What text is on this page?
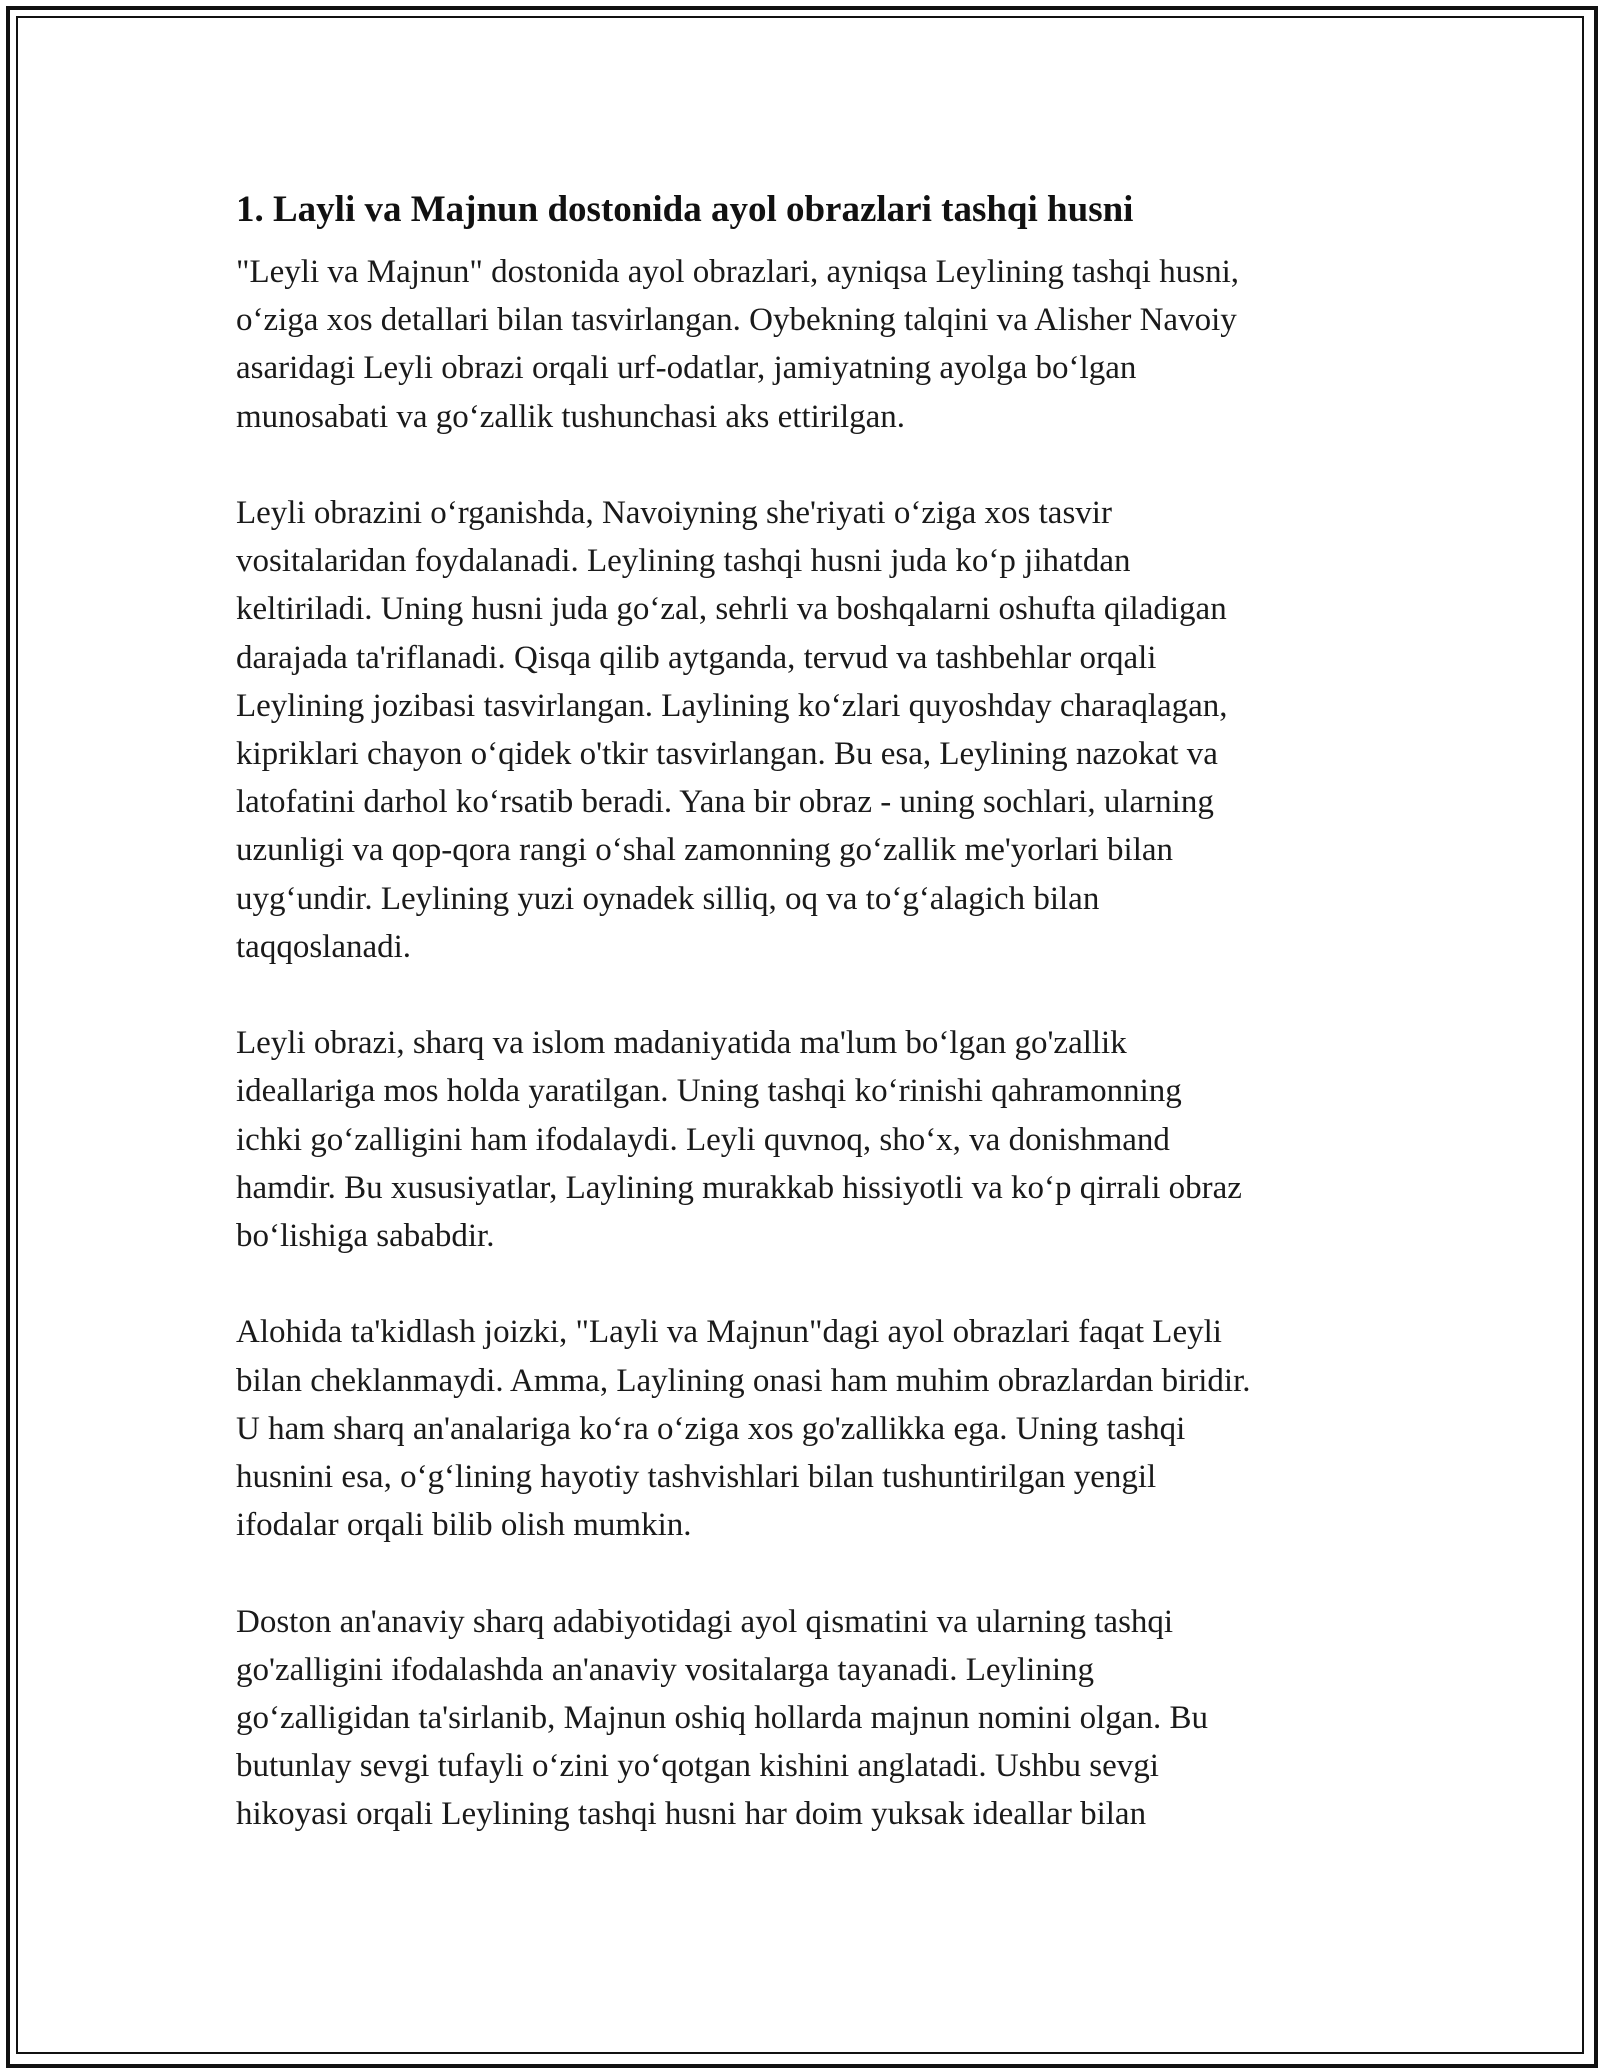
1. Layli va Majnun dostonida ayol obrazlari tashqi husni
"Leyli va Majnun" dostonida ayol obrazlari, ayniqsa Leylining tashqi husni,
o‘ziga xos detallari bilan tasvirlangan. Oybekning talqini va Alisher Navoiy
asaridagi Leyli obrazi orqali urf-odatlar, jamiyatning ayolga bo‘lgan
munosabati va go‘zallik tushunchasi aks ettirilgan.
Leyli obrazini o‘rganishda, Navoiyning she'riyati o‘ziga xos tasvir
vositalaridan foydalanadi. Leylining tashqi husni juda ko‘p jihatdan
keltiriladi. Uning husni juda go‘zal, sehrli va boshqalarni oshufta qiladigan
darajada ta'riflanadi. Qisqa qilib aytganda, tervud va tashbehlar orqali
Leylining jozibasi tasvirlangan. Laylining ko‘zlari quyoshday charaqlagan,
kipriklari chayon o‘qidek o'tkir tasvirlangan. Bu esa, Leylining nazokat va
latofatini darhol ko‘rsatib beradi. Yana bir obraz - uning sochlari, ularning
uzunligi va qop-qora rangi o‘shal zamonning go‘zallik me'yorlari bilan
uyg‘undir. Leylining yuzi oynadek silliq, oq va to‘g‘alagich bilan
taqqoslanadi.
Leyli obrazi, sharq va islom madaniyatida ma'lum bo‘lgan go'zallik
ideallariga mos holda yaratilgan. Uning tashqi ko‘rinishi qahramonning
ichki go‘zalligini ham ifodalaydi. Leyli quvnoq, sho‘x, va donishmand
hamdir. Bu xususiyatlar, Laylining murakkab hissiyotli va ko‘p qirrali obraz
bo‘lishiga sababdir.
Alohida ta'kidlash joizki, "Layli va Majnun"dagi ayol obrazlari faqat Leyli
bilan cheklanmaydi. Amma, Laylining onasi ham muhim obrazlardan biridir.
U ham sharq an'analariga ko‘ra o‘ziga xos go'zallikka ega. Uning tashqi
husnini esa, o‘g‘lining hayotiy tashvishlari bilan tushuntirilgan yengil
ifodalar orqali bilib olish mumkin.
Doston an'anaviy sharq adabiyotidagi ayol qismatini va ularning tashqi
go'zalligini ifodalashda an'anaviy vositalarga tayanadi. Leylining
go‘zalligidan ta'sirlanib, Majnun oshiq hollarda majnun nomini olgan. Bu
butunlay sevgi tufayli o‘zini yo‘qotgan kishini anglatadi. Ushbu sevgi
hikoyasi orqali Leylining tashqi husni har doim yuksak ideallar bilan
